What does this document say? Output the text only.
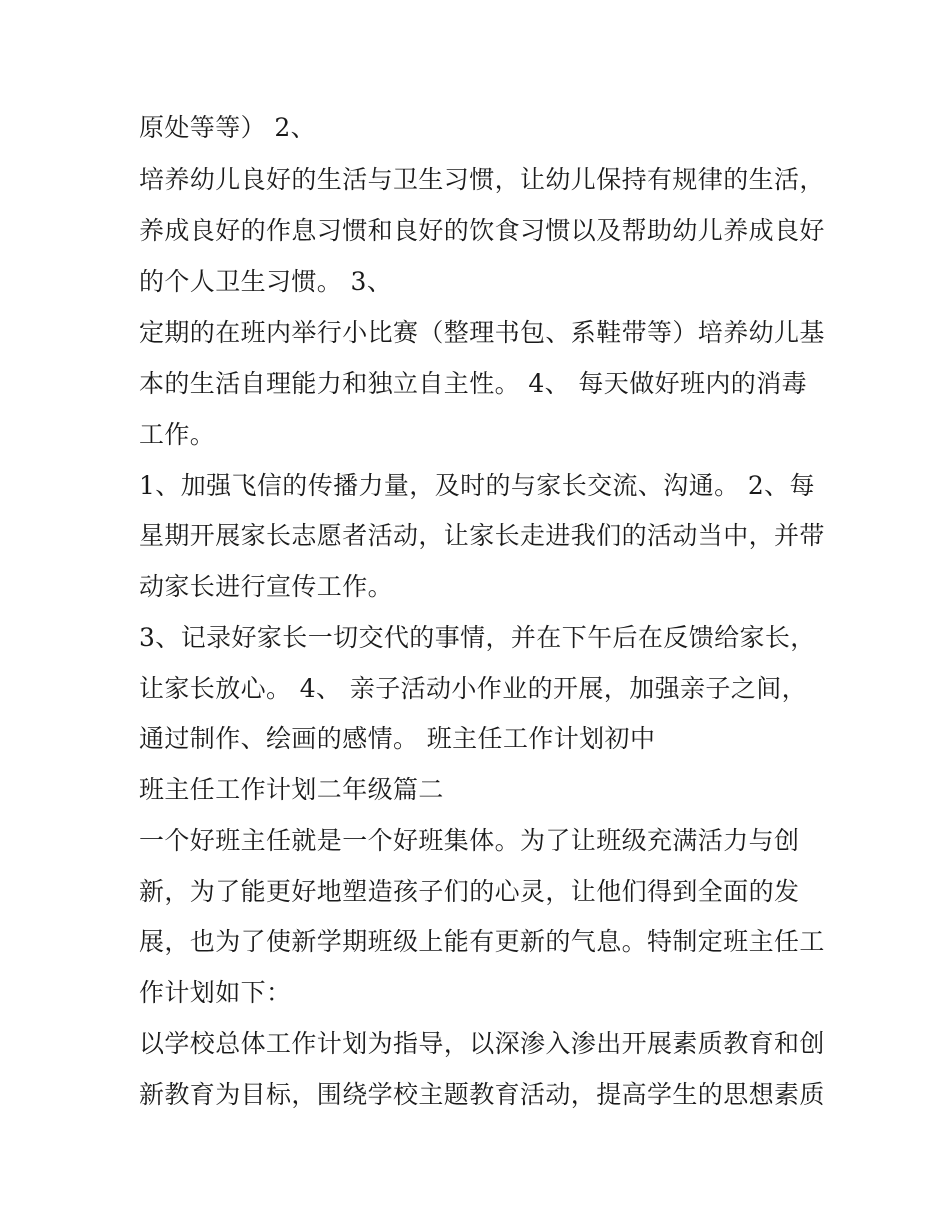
原处等等） 2、
培养幼儿良好的生活与卫生习惯，让幼儿保持有规律的生活，
养成良好的作息习惯和良好的饮食习惯以及帮助幼儿养成良好
的个人卫生习惯。 3、
定期的在班内举行小比赛（整理书包、系鞋带等）培养幼儿基
本的生活自理能力和独立自主性。 4、 每天做好班内的消毒
工作。
1、加强飞信的传播力量，及时的与家长交流、沟通。 2、每
星期开展家长志愿者活动，让家长走进我们的活动当中，并带
动家长进行宣传工作。
3、记录好家长一切交代的事情，并在下午后在反馈给家长，
让家长放心。 4、 亲子活动小作业的开展，加强亲子之间，
通过制作、绘画的感情。 班主任工作计划初中
班主任工作计划二年级篇二
一个好班主任就是一个好班集体。为了让班级充满活力与创
新，为了能更好地塑造孩子们的心灵，让他们得到全面的发
展，也为了使新学期班级上能有更新的气息。特制定班主任工
作计划如下：
以学校总体工作计划为指导，以深渗入渗出开展素质教育和创
新教育为目标，围绕学校主题教育活动，提高学生的思想素质
